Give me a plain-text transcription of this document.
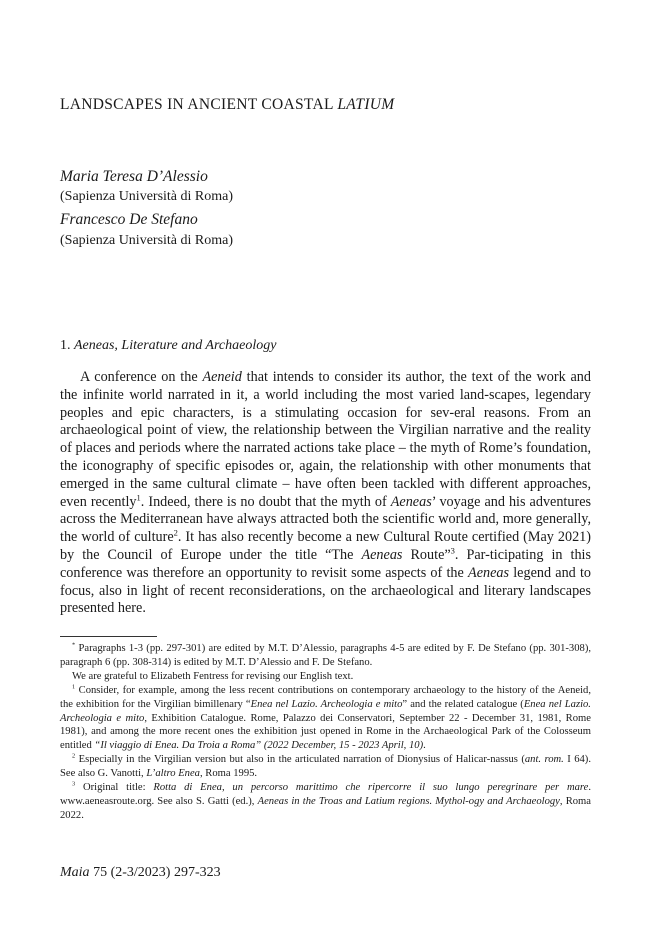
LANDSCAPES IN ANCIENT COASTAL LATIUM
Maria Teresa D’Alessio
(Sapienza Università di Roma)
Francesco De Stefano
(Sapienza Università di Roma)
1. Aeneas, Literature and Archaeology

A conference on the Aeneid that intends to consider its author, the text of the work and the infinite world narrated in it, a world including the most varied land-scapes, legendary peoples and epic characters, is a stimulating occasion for sev-eral reasons. From an archaeological point of view, the relationship between the Virgilian narrative and the reality of places and periods where the narrated actions take place – the myth of Rome’s foundation, the iconography of specific episodes or, again, the relationship with other monuments that emerged in the same cultural climate – have often been tackled with different approaches, even recently$^1$. Indeed, there is no doubt that the myth of Aeneas’ voyage and his adventures across the Mediterranean have always attracted both the scientific world and, more generally, the world of culture$^2$. It has also recently become a new Cultural Route certified (May 2021) by the Council of Europe under the title “The Aeneas Route”$^3$. Par-ticipating in this conference was therefore an opportunity to revisit some aspects of the Aeneas legend and to focus, also in light of recent reconsiderations, on the archaeological and literary landscapes presented here.

* Paragraphs 1-3 (pp. 297-301) are edited by M.T. D’Alessio, paragraphs 4-5 are edited by F. De Stefano (pp. 301-308), paragraph 6 (pp. 308-314) is edited by M.T. D’Alessio and F. De Stefano.

We are grateful to Elizabeth Fentress for revising our English text.

$^1$ Consider, for example, among the less recent contributions on contemporary archaeology to the history of the Aeneid, the exhibition for the Virgilian bimillenary “Enea nel Lazio. Archeologia e mito” and the related catalogue (Enea nel Lazio. Archeologia e mito, Exhibition Catalogue. Rome, Palazzo dei Conservatori, September 22 - December 31, 1981, Rome 1981), and among the more recent ones the exhibition just opened in Rome in the Archaeological Park of the Colosseum entitled “Il viaggio di Enea. Da Troia a Roma” (2022 December, 15 - 2023 April, 10).

$^2$ Especially in the Virgilian version but also in the articulated narration of Dionysius of Halicar-nassus (ant. rom. I 64). See also G. Vanotti, L’altro Enea, Roma 1995.

$^3$ Original title: Rotta di Enea, un percorso marittimo che ripercorre il suo lungo peregrinare per mare. www.aeneasroute.org. See also S. Gatti (ed.), Aeneas in the Troas and Latium regions. Mythol-ogy and Archaeology, Roma 2022.

Maia 75 (2-3/2023) 297-323
